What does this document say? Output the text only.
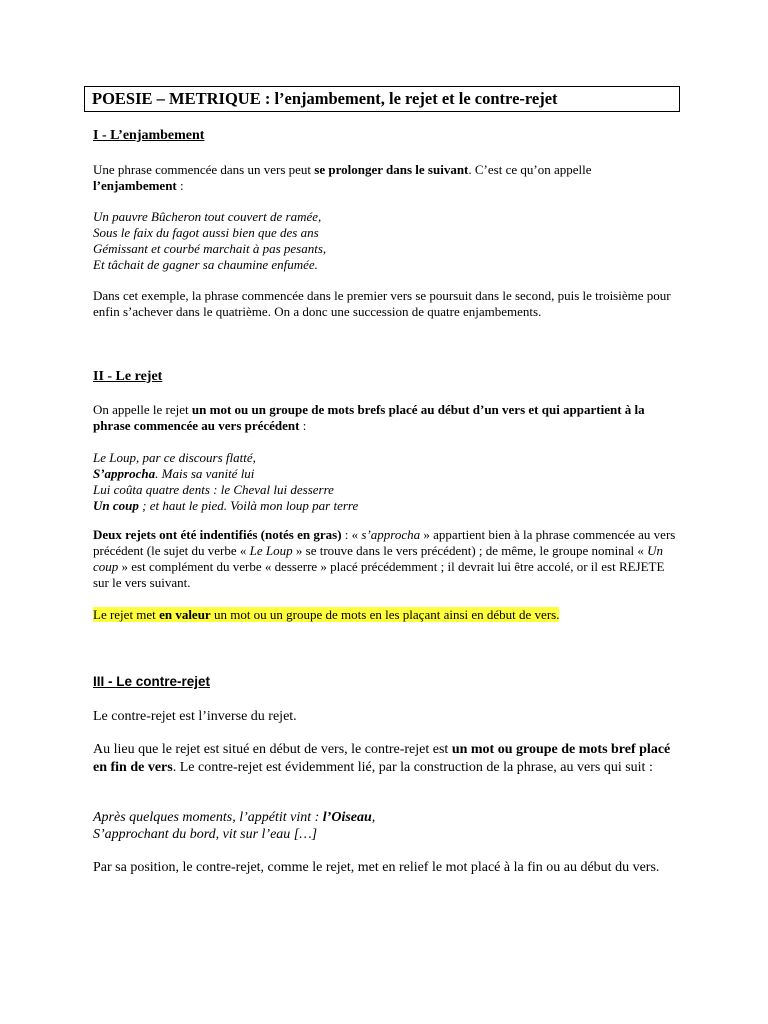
POESIE – METRIQUE : l’enjambement, le rejet et le contre-rejet
I - L’enjambement
Une phrase commencée dans un vers peut se prolonger dans le suivant. C’est ce qu’on appelle
l’enjambement :
Un pauvre Bûcheron tout couvert de ramée,
Sous le faix du fagot aussi bien que des ans
Gémissant et courbé marchait à pas pesants,
Et tâchait de gagner sa chaumine enfumée.
Dans cet exemple, la phrase commencée dans le premier vers se poursuit dans le second, puis le troisième pour enfin s’achever dans le quatrième. On a donc une succession de quatre enjambements.
II - Le rejet
On appelle le rejet un mot ou un groupe de mots brefs placé au début d’un vers et qui appartient à la phrase commencée au vers précédent :
Le Loup, par ce discours flatté,
S’approcha. Mais sa vanité lui
Lui coûta quatre dents : le Cheval lui desserre
Un coup ; et haut le pied. Voilà mon loup par terre
Deux rejets ont été indentifiés (notés en gras) : « s’approcha » appartient bien à la phrase commencée au vers précédent (le sujet du verbe « Le Loup » se trouve dans le vers précédent) ; de même, le groupe nominal « Un coup » est complément du verbe « desserre » placé précédemment ; il devrait lui être accolé, or il est REJETE sur le vers suivant.
Le rejet met en valeur un mot ou un groupe de mots en les plaçant ainsi en début de vers.
III - Le contre-rejet
Le contre-rejet est l’inverse du rejet.
Au lieu que le rejet est situé en début de vers, le contre-rejet est un mot ou groupe de mots bref placé en fin de vers. Le contre-rejet est évidemment lié, par la construction de la phrase, au vers qui suit :
Après quelques moments, l’appétit vint : l’Oiseau,
S’approchant du bord, vit sur l’eau […]
Par sa position, le contre-rejet, comme le rejet, met en relief le mot placé à la fin ou au début du vers.
